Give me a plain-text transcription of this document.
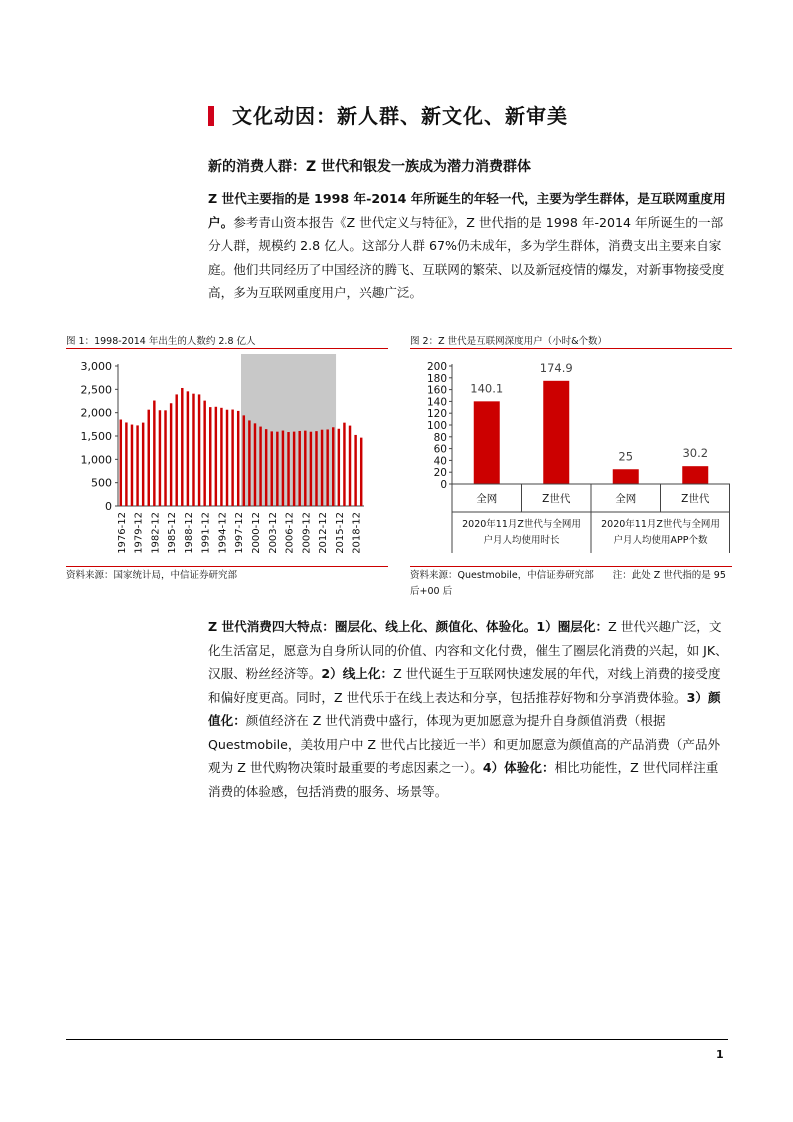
文化动因：新人群、新文化、新审美
新的消费人群：Z 世代和银发一族成为潜力消费群体

Z 世代主要指的是 1998 年-2014 年所诞生的年轻一代，主要为学生群体，是互联网重度用户。参考青山资本报告《Z 世代定义与特征》，Z 世代指的是 1998 年-2014 年所诞生的一部分人群，规模约 2.8 亿人。这部分人群 67%仍未成年，多为学生群体，消费支出主要来自家庭。他们共同经历了中国经济的腾飞、互联网的繁荣、以及新冠疫情的爆发，对新事物接受度高，多为互联网重度用户，兴趣广泛。

图 1：1998-2014 年出生的人数约 2.8 亿人
0
500
1,000
1,500
2,000
2,500
3,000
1976-12 1979-12 1982-12 1985-12 1988-12 1991-12 1994-12 1997-12 2000-12 2003-12 2006-12 2009-12 2012-12 2015-12 2018-12
资料来源：国家统计局，中信证券研究部
图 2：Z 世代是互联网深度用户（小时&个数）
140.1
174.9
25	30.2
0
20
40
60
80
100
120
140
160
180
200
全网	Z世代	全网	Z世代
2020年11月Z世代与全网用
户月人均使用时长
2020年11月Z世代与全网用
户月人均使用APP个数
资料来源：Questmobile，中信证券研究部　　注：此处 Z 世代指的是 95 后+00 后

Z 世代消费四大特点：圈层化、线上化、颜值化、体验化。1）圈层化：Z 世代兴趣广泛，文化生活富足，愿意为自身所认同的价值、内容和文化付费，催生了圈层化消费的兴起，如 JK、汉服、粉丝经济等。2）线上化：Z 世代诞生于互联网快速发展的年代，对线上消费的接受度和偏好度更高。同时，Z 世代乐于在线上表达和分享，包括推荐好物和分享消费体验。3）颜值化：颜值经济在 Z 世代消费中盛行，体现为更加愿意为提升自身颜值消费（根据 Questmobile，美妆用户中 Z 世代占比接近一半）和更加愿意为颜值高的产品消费（产品外观为 Z 世代购物决策时最重要的考虑因素之一）。4）体验化：相比功能性，Z 世代同样注重消费的体验感，包括消费的服务、场景等。

1
